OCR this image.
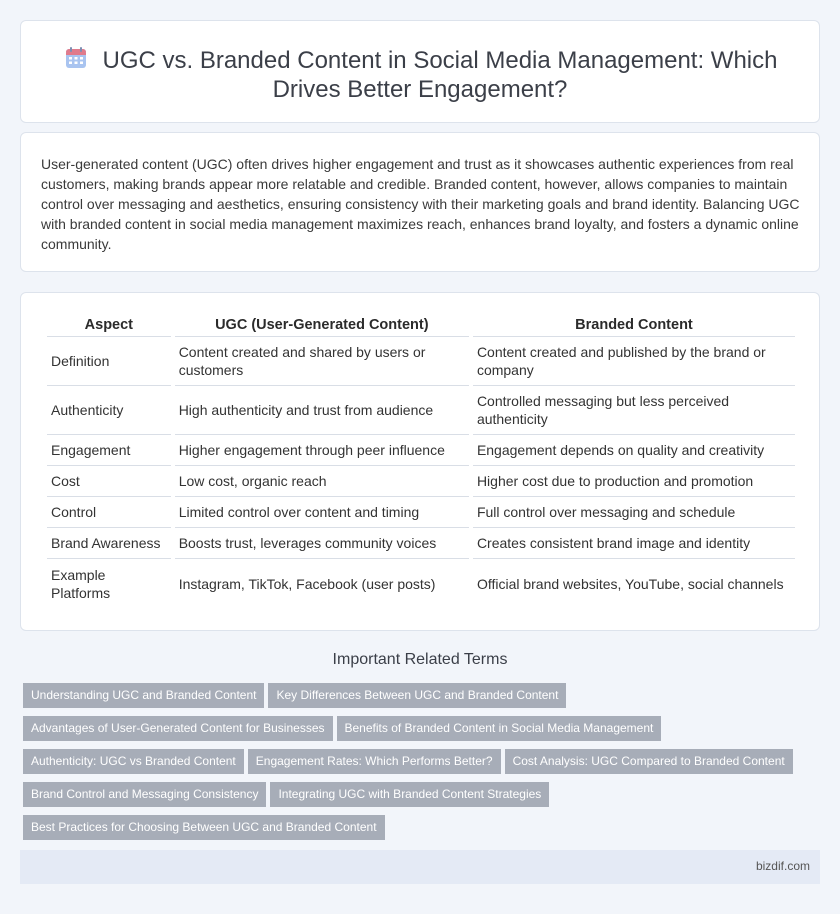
UGC vs. Branded Content in Social Media Management: Which Drives Better Engagement?

User-generated content (UGC) often drives higher engagement and trust as it showcases authentic experiences from real customers, making brands appear more relatable and credible. Branded content, however, allows companies to maintain control over messaging and aesthetics, ensuring consistency with their marketing goals and brand identity. Balancing UGC with branded content in social media management maximizes reach, enhances brand loyalty, and fosters a dynamic online community.

Aspect	UGC (User-Generated Content)	Branded Content
Definition	Content created and shared by users or customers	Content created and published by the brand or company
Authenticity	High authenticity and trust from audience	Controlled messaging but less perceived authenticity
Engagement	Higher engagement through peer influence	Engagement depends on quality and creativity
Cost	Low cost, organic reach	Higher cost due to production and promotion
Control	Limited control over content and timing	Full control over messaging and schedule
Brand Awareness	Boosts trust, leverages community voices	Creates consistent brand image and identity
Example Platforms	Instagram, TikTok, Facebook (user posts)	Official brand websites, YouTube, social channels
Important Related Terms
Understanding UGC and Branded Content Key Differences Between UGC and Branded Content
Advantages of User-Generated Content for Businesses Benefits of Branded Content in Social Media Management
Authenticity: UGC vs Branded Content Engagement Rates: Which Performs Better? Cost Analysis: UGC Compared to Branded Content
Brand Control and Messaging Consistency Integrating UGC with Branded Content Strategies
Best Practices for Choosing Between UGC and Branded Content
bizdif.com
